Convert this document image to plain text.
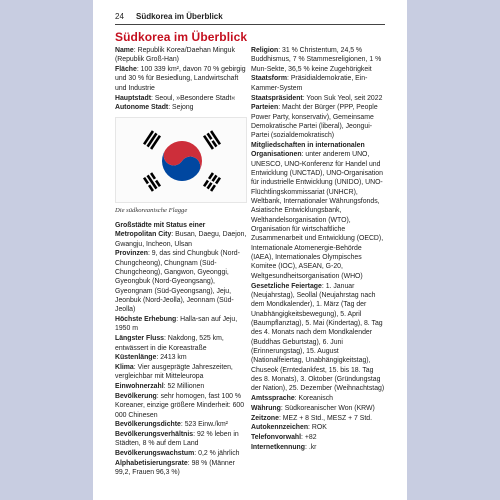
24 Südkorea im Überblick
Südkorea im Überblick
Name: Republik Korea/Daehan Minguk (Republik Groß-Han)
Fläche: 100 339 km², davon 70 % gebirgig und 30 % für Besiedlung, Landwirtschaft und Industrie
Hauptstadt: Seoul, »Besondere Stadt«
Autonome Stadt: Sejong
Die südkoreanische Flagge
Großstädte mit Status einer Metropolitan City: Busan, Daegu, Daejon, Gwangju, Incheon, Ulsan
Provinzen: 9, das sind Chungbuk (Nord-Chungcheong), Chungnam (Süd-Chungcheong), Gangwon, Gyeonggi, Gyeongbuk (Nord-Gyeongsang), Gyeongnam (Süd-Gyeongsang), Jeju, Jeonbuk (Nord-Jeolla), Jeonnam (Süd-Jeolla)
Höchste Erhebung: Halla-san auf Jeju, 1950 m
Längster Fluss: Nakdong, 525 km, entwässert in die Koreastraße
Küstenlänge: 2413 km
Klima: Vier ausgeprägte Jahreszeiten, vergleichbar mit Mitteleuropa
Einwohnerzahl: 52 Millionen
Bevölkerung: sehr homogen, fast 100 % Koreaner, einzige größere Minderheit: 600 000 Chinesen
Bevölkerungsdichte: 523 Einw./km²
Bevölkerungsverhältnis: 92 % leben in Städten, 8 % auf dem Land
Bevölkerungswachstum: 0,2 % jährlich
Alphabetisierungsrate: 98 % (Männer 99,2, Frauen 96,3 %)
Religion: 31 % Christentum, 24,5 % Buddhismus, 7 % Stammesreligionen, 1 % Mun-Sekte, 36,5 % keine Zugehörigkeit
Staatsform: Präsidialdemokratie, Ein-Kammer-System
Staatspräsident: Yoon Suk Yeol, seit 2022
Parteien: Macht der Bürger (PPP, People Power Party, konservativ), Gemeinsame Demokratische Partei (liberal), Jeongui-Partei (sozialdemokratisch)
Mitgliedschaften in internationalen Organisationen: unter anderem UNO, UNESCO, UNO-Konferenz für Handel und Entwicklung (UNCTAD), UNO-Organisation für industrielle Entwicklung (UNIDO), UNO-Flüchtlingskommissariat (UNHCR), Weltbank, Internationaler Währungsfonds, Asiatische Entwicklungsbank, Welthandelsorganisation (WTO), Organisation für wirtschaftliche Zusammenarbeit und Entwicklung (OECD), Internationale Atomenergie-Behörde (IAEA), Internationales Olympisches Komitee (IOC), ASEAN, G-20, Weltgesundheitsorganisation (WHO)
Gesetzliche Feiertage: 1. Januar (Neujahrstag), Seollal (Neujahrstag nach dem Mondkalender), 1. März (Tag der Unabhängigkeitsbewegung), 5. April (Baumpflanztag), 5. Mai (Kindertag), 8. Tag des 4. Monats nach dem Mondkalender (Buddhas Geburtstag), 6. Juni (Erinnerungstag), 15. August (Nationalfeiertag, Unabhängigkeitstag), Chuseok (Erntedankfest, 15. bis 18. Tag des 8. Monats), 3. Oktober (Gründungstag der Nation), 25. Dezember (Weihnachtstag)
Amtssprache: Koreanisch
Währung: Südkoreanischer Won (KRW)
Zeitzone: MEZ + 8 Std., MESZ + 7 Std.
Autokennzeichen: ROK
Telefonvorwahl: +82
Internetkennung: .kr
